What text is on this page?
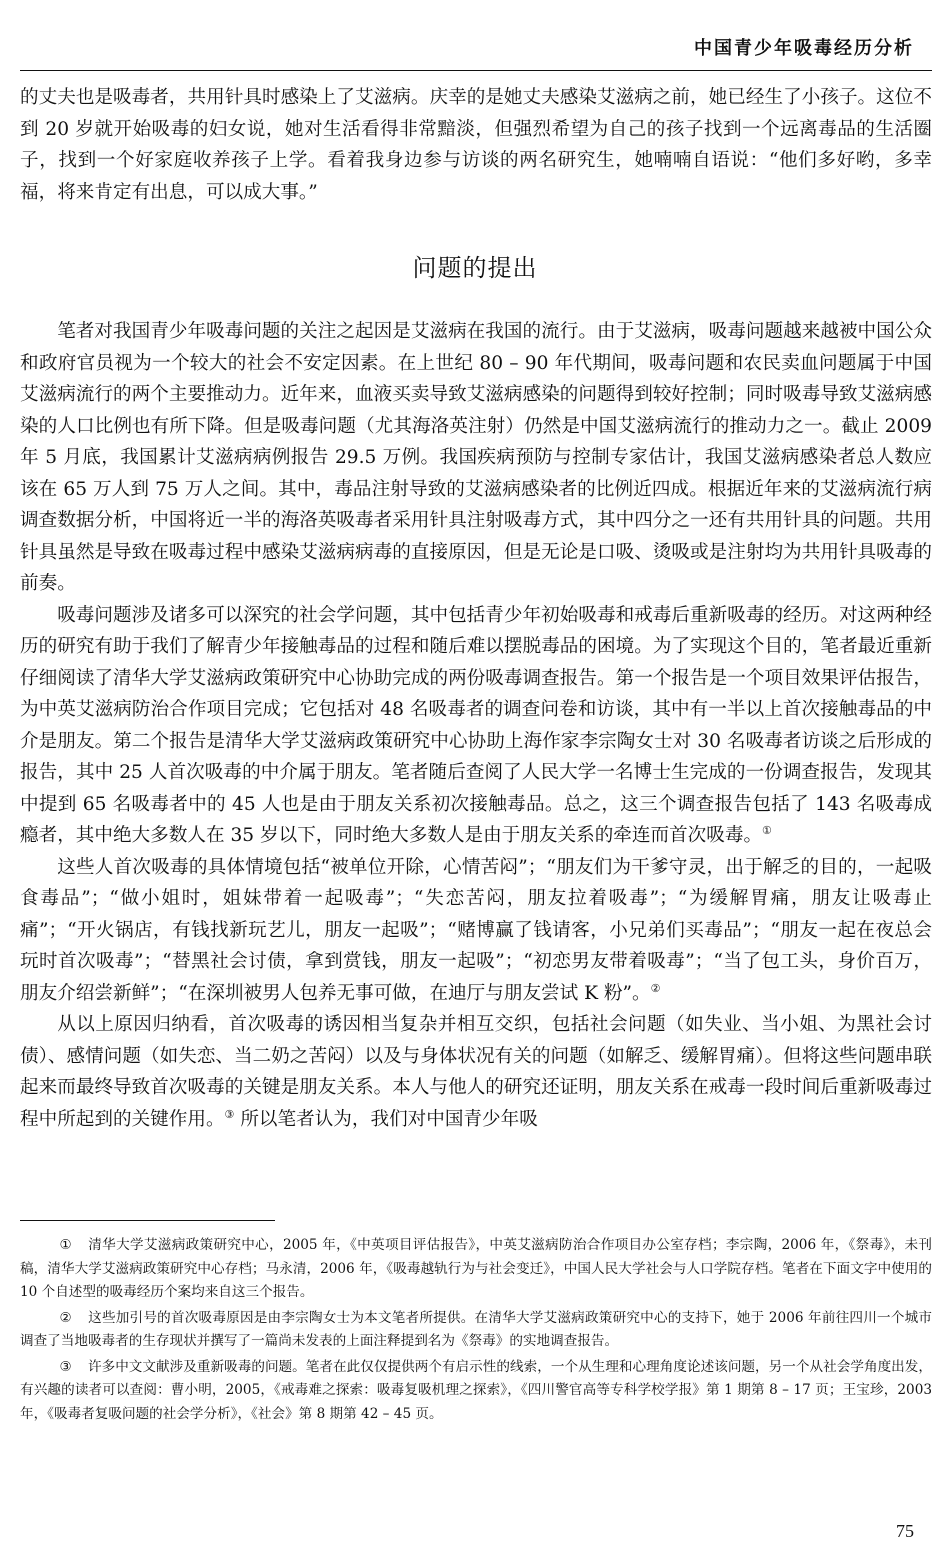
中国青少年吸毒经历分析

的丈夫也是吸毒者，共用针具时感染上了艾滋病。庆幸的是她丈夫感染艾滋病之前，她已经生了小孩子。这位不到 20 岁就开始吸毒的妇女说，她对生活看得非常黯淡，但强烈希望为自己的孩子找到一个远离毒品的生活圈子，找到一个好家庭收养孩子上学。看着我身边参与访谈的两名研究生，她喃喃自语说：“他们多好哟，多幸福，将来肯定有出息，可以成大事。”

问题的提出

笔者对我国青少年吸毒问题的关注之起因是艾滋病在我国的流行。由于艾滋病，吸毒问题越来越被中国公众和政府官员视为一个较大的社会不安定因素。在上世纪 80 – 90 年代期间，吸毒问题和农民卖血问题属于中国艾滋病流行的两个主要推动力。近年来，血液买卖导致艾滋病感染的问题得到较好控制；同时吸毒导致艾滋病感染的人口比例也有所下降。但是吸毒问题（尤其海洛英注射）仍然是中国艾滋病流行的推动力之一。截止 2009 年 5 月底，我国累计艾滋病病例报告 29.5 万例。我国疾病预防与控制专家估计，我国艾滋病感染者总人数应该在 65 万人到 75 万人之间。其中，毒品注射导致的艾滋病感染者的比例近四成。根据近年来的艾滋病流行病调查数据分析，中国将近一半的海洛英吸毒者采用针具注射吸毒方式，其中四分之一还有共用针具的问题。共用针具虽然是导致在吸毒过程中感染艾滋病病毒的直接原因，但是无论是口吸、烫吸或是注射均为共用针具吸毒的前奏。

吸毒问题涉及诸多可以深究的社会学问题，其中包括青少年初始吸毒和戒毒后重新吸毒的经历。对这两种经历的研究有助于我们了解青少年接触毒品的过程和随后难以摆脱毒品的困境。为了实现这个目的，笔者最近重新仔细阅读了清华大学艾滋病政策研究中心协助完成的两份吸毒调查报告。第一个报告是一个项目效果评估报告，为中英艾滋病防治合作项目完成；它包括对 48 名吸毒者的调查问卷和访谈，其中有一半以上首次接触毒品的中介是朋友。第二个报告是清华大学艾滋病政策研究中心协助上海作家李宗陶女士对 30 名吸毒者访谈之后形成的报告，其中 25 人首次吸毒的中介属于朋友。笔者随后查阅了人民大学一名博士生完成的一份调查报告，发现其中提到 65 名吸毒者中的 45 人也是由于朋友关系初次接触毒品。总之，这三个调查报告包括了 143 名吸毒成瘾者，其中绝大多数人在 35 岁以下，同时绝大多数人是由于朋友关系的牵连而首次吸毒。①

这些人首次吸毒的具体情境包括“被单位开除，心情苦闷”；“朋友们为干爹守灵，出于解乏的目的，一起吸食毒品”；“做小姐时，姐妹带着一起吸毒”；“失恋苦闷，朋友拉着吸毒”；“为缓解胃痛，朋友让吸毒止痛”；“开火锅店，有钱找新玩艺儿，朋友一起吸”；“赌博赢了钱请客，小兄弟们买毒品”；“朋友一起在夜总会玩时首次吸毒”；“替黑社会讨债，拿到赏钱，朋友一起吸”；“初恋男友带着吸毒”；“当了包工头，身价百万，朋友介绍尝新鲜”；“在深圳被男人包养无事可做，在迪厅与朋友尝试 K 粉”。②

从以上原因归纳看，首次吸毒的诱因相当复杂并相互交织，包括社会问题（如失业、当小姐、为黑社会讨债）、感情问题（如失恋、当二奶之苦闷）以及与身体状况有关的问题（如解乏、缓解胃痛）。但将这些问题串联起来而最终导致首次吸毒的关键是朋友关系。本人与他人的研究还证明，朋友关系在戒毒一段时间后重新吸毒过程中所起到的关键作用。③ 所以笔者认为，我们对中国青少年吸

① 清华大学艾滋病政策研究中心，2005 年，《中英项目评估报告》，中英艾滋病防治合作项目办公室存档；李宗陶，2006 年，《祭毒》，未刊稿，清华大学艾滋病政策研究中心存档；马永清，2006 年，《吸毒越轨行为与社会变迁》，中国人民大学社会与人口学院存档。笔者在下面文字中使用的 10 个自述型的吸毒经历个案均来自这三个报告。

② 这些加引号的首次吸毒原因是由李宗陶女士为本文笔者所提供。在清华大学艾滋病政策研究中心的支持下，她于 2006 年前往四川一个城市调查了当地吸毒者的生存现状并撰写了一篇尚未发表的上面注释提到名为《祭毒》的实地调查报告。

③ 许多中文文献涉及重新吸毒的问题。笔者在此仅仅提供两个有启示性的线索，一个从生理和心理角度论述该问题，另一个从社会学角度出发，有兴趣的读者可以查阅：曹小明，2005，《戒毒难之探索：吸毒复吸机理之探索》，《四川警官高等专科学校学报》第 1 期第 8 – 17 页；王宝珍，2003 年，《吸毒者复吸问题的社会学分析》，《社会》第 8 期第 42 – 45 页。

75
